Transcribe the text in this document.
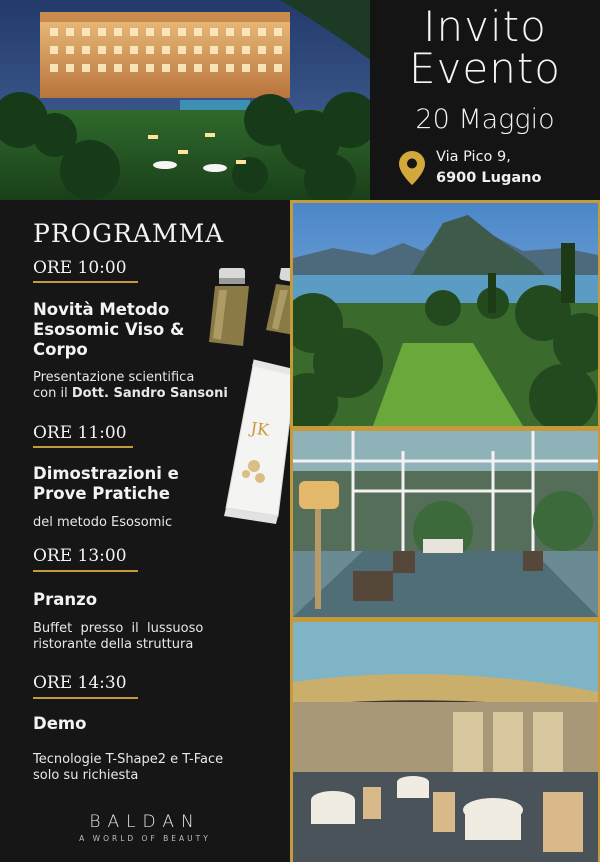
Invito
Evento
20 Maggio
Via Pico 9,
6900 Lugano
PROGRAMMA
ORE 10:00
Novità Metodo
Esosomic Viso &
Corpo
Presentazione scientifica
con il Dott. Sandro Sansoni
ORE 11:00
Dimostrazioni e
Prove Pratiche
del metodo Esosomic
ORE 13:00
Pranzo
Buffet  presso  il  lussuoso
ristorante della struttura
ORE 14:30
Demo
Tecnologie T-Shape2 e T-Face
solo su richiesta
JK
BALDAN
A WORLD OF BEAUTY
